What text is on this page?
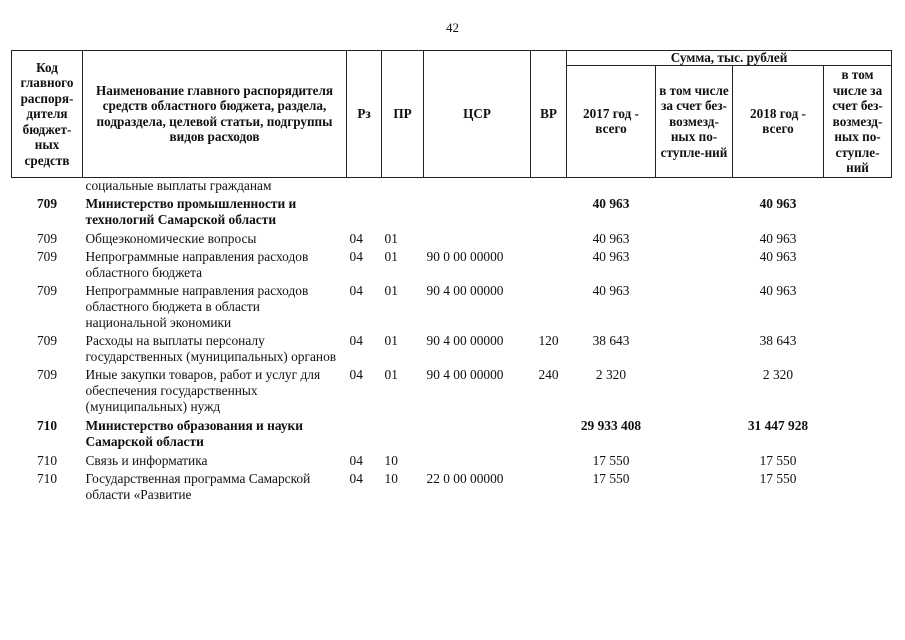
42
Код главного распоря-дителя бюджет-ных средств	Наименование главного распорядителя средств областного бюджета, раздела, подраздела, целевой статьи, подгруппы видов расходов	Рз	ПР	ЦСР	ВР	Сумма, тыс. рублей			
						2017 год - всего	в том числе за счет без-возмезд-ных по-ступле-ний	2018 год - всего	в том числе за счет без-возмезд-ных по-ступле-ний
	социальные выплаты гражданам								
709	Министерство промышленности и технологий Самарской области					40 963		40 963	
709	Общеэкономические вопросы	04	01			40 963		40 963	
709	Непрограммные направления расходов областного бюджета	04	01	90 0 00 00000		40 963		40 963	
709	Непрограммные направления расходов областного бюджета в области национальной экономики	04	01	90 4 00 00000		40 963		40 963	
709	Расходы на выплаты персоналу государственных (муниципальных) органов	04	01	90 4 00 00000	120	38 643		38 643	
709	Иные закупки товаров, работ и услуг для обеспечения государственных (муниципальных) нужд	04	01	90 4 00 00000	240	2 320		2 320	
710	Министерство образования и науки Самарской области					29 933 408		31 447 928	
710	Связь и информатика	04	10			17 550		17 550	
710	Государственная программа Самарской области «Развитие	04	10	22 0 00 00000		17 550		17 550	
